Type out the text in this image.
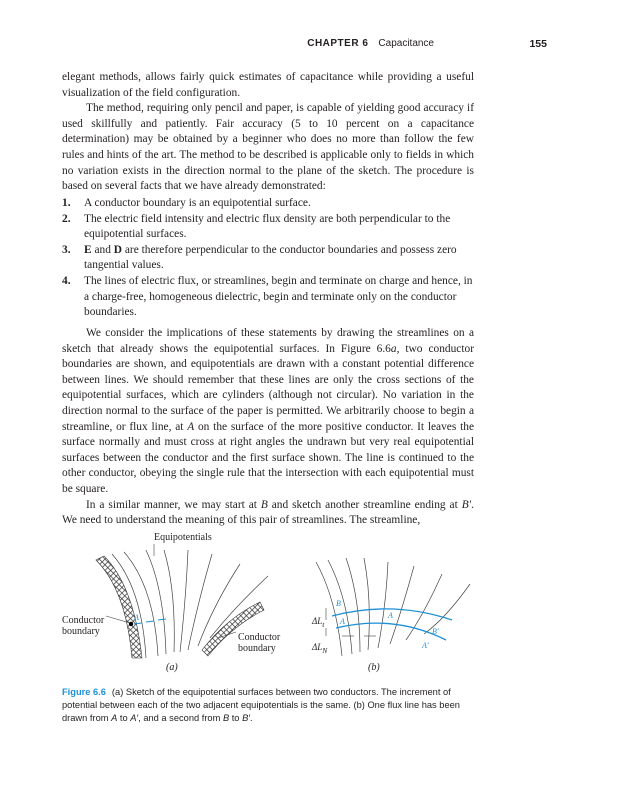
CHAPTER 6 Capacitance	155

elegant methods, allows fairly quick estimates of capacitance while providing a useful visualization of the field configuration.

The method, requiring only pencil and paper, is capable of yielding good accuracy if used skillfully and patiently. Fair accuracy (5 to 10 percent on a capacitance determination) may be obtained by a beginner who does no more than follow the few rules and hints of the art. The method to be described is applicable only to fields in which no variation exists in the direction normal to the plane of the sketch. The procedure is based on several facts that we have already demonstrated:

1. A conductor boundary is an equipotential surface.
2. The electric field intensity and electric flux density are both perpendicular to the equipotential surfaces.
3. E and D are therefore perpendicular to the conductor boundaries and possess zero tangential values.
4. The lines of electric flux, or streamlines, begin and terminate on charge and hence, in a charge-free, homogeneous dielectric, begin and terminate only on the conductor boundaries.

We consider the implications of these statements by drawing the streamlines on a sketch that already shows the equipotential surfaces. In Figure 6.6a, two conductor boundaries are shown, and equipotentials are drawn with a constant potential difference between lines. We should remember that these lines are only the cross sections of the equipotential surfaces, which are cylinders (although not circular). No variation in the direction normal to the surface of the paper is permitted. We arbitrarily choose to begin a streamline, or flux line, at A on the surface of the more positive conductor. It leaves the surface normally and must cross at right angles the undrawn but very real equipotential surfaces between the conductor and the first surface shown. The line is continued to the other conductor, obeying the single rule that the intersection with each equipotential must be square.

In a similar manner, we may start at B and sketch another streamline ending at B′. We need to understand the meaning of this pair of streamlines. The streamline,

Equipotentials
Conductor
boundary
Conductor
boundary
A
(a)	(b)
B
A
A
B′
A′
$\Delta L_t$
$\Delta L_N$
Figure 6.6 (a) Sketch of the equipotential surfaces between two conductors. The increment of potential between each of the two adjacent equipotentials is the same. (b) One flux line has been drawn from A to A′, and a second from B to B′.
